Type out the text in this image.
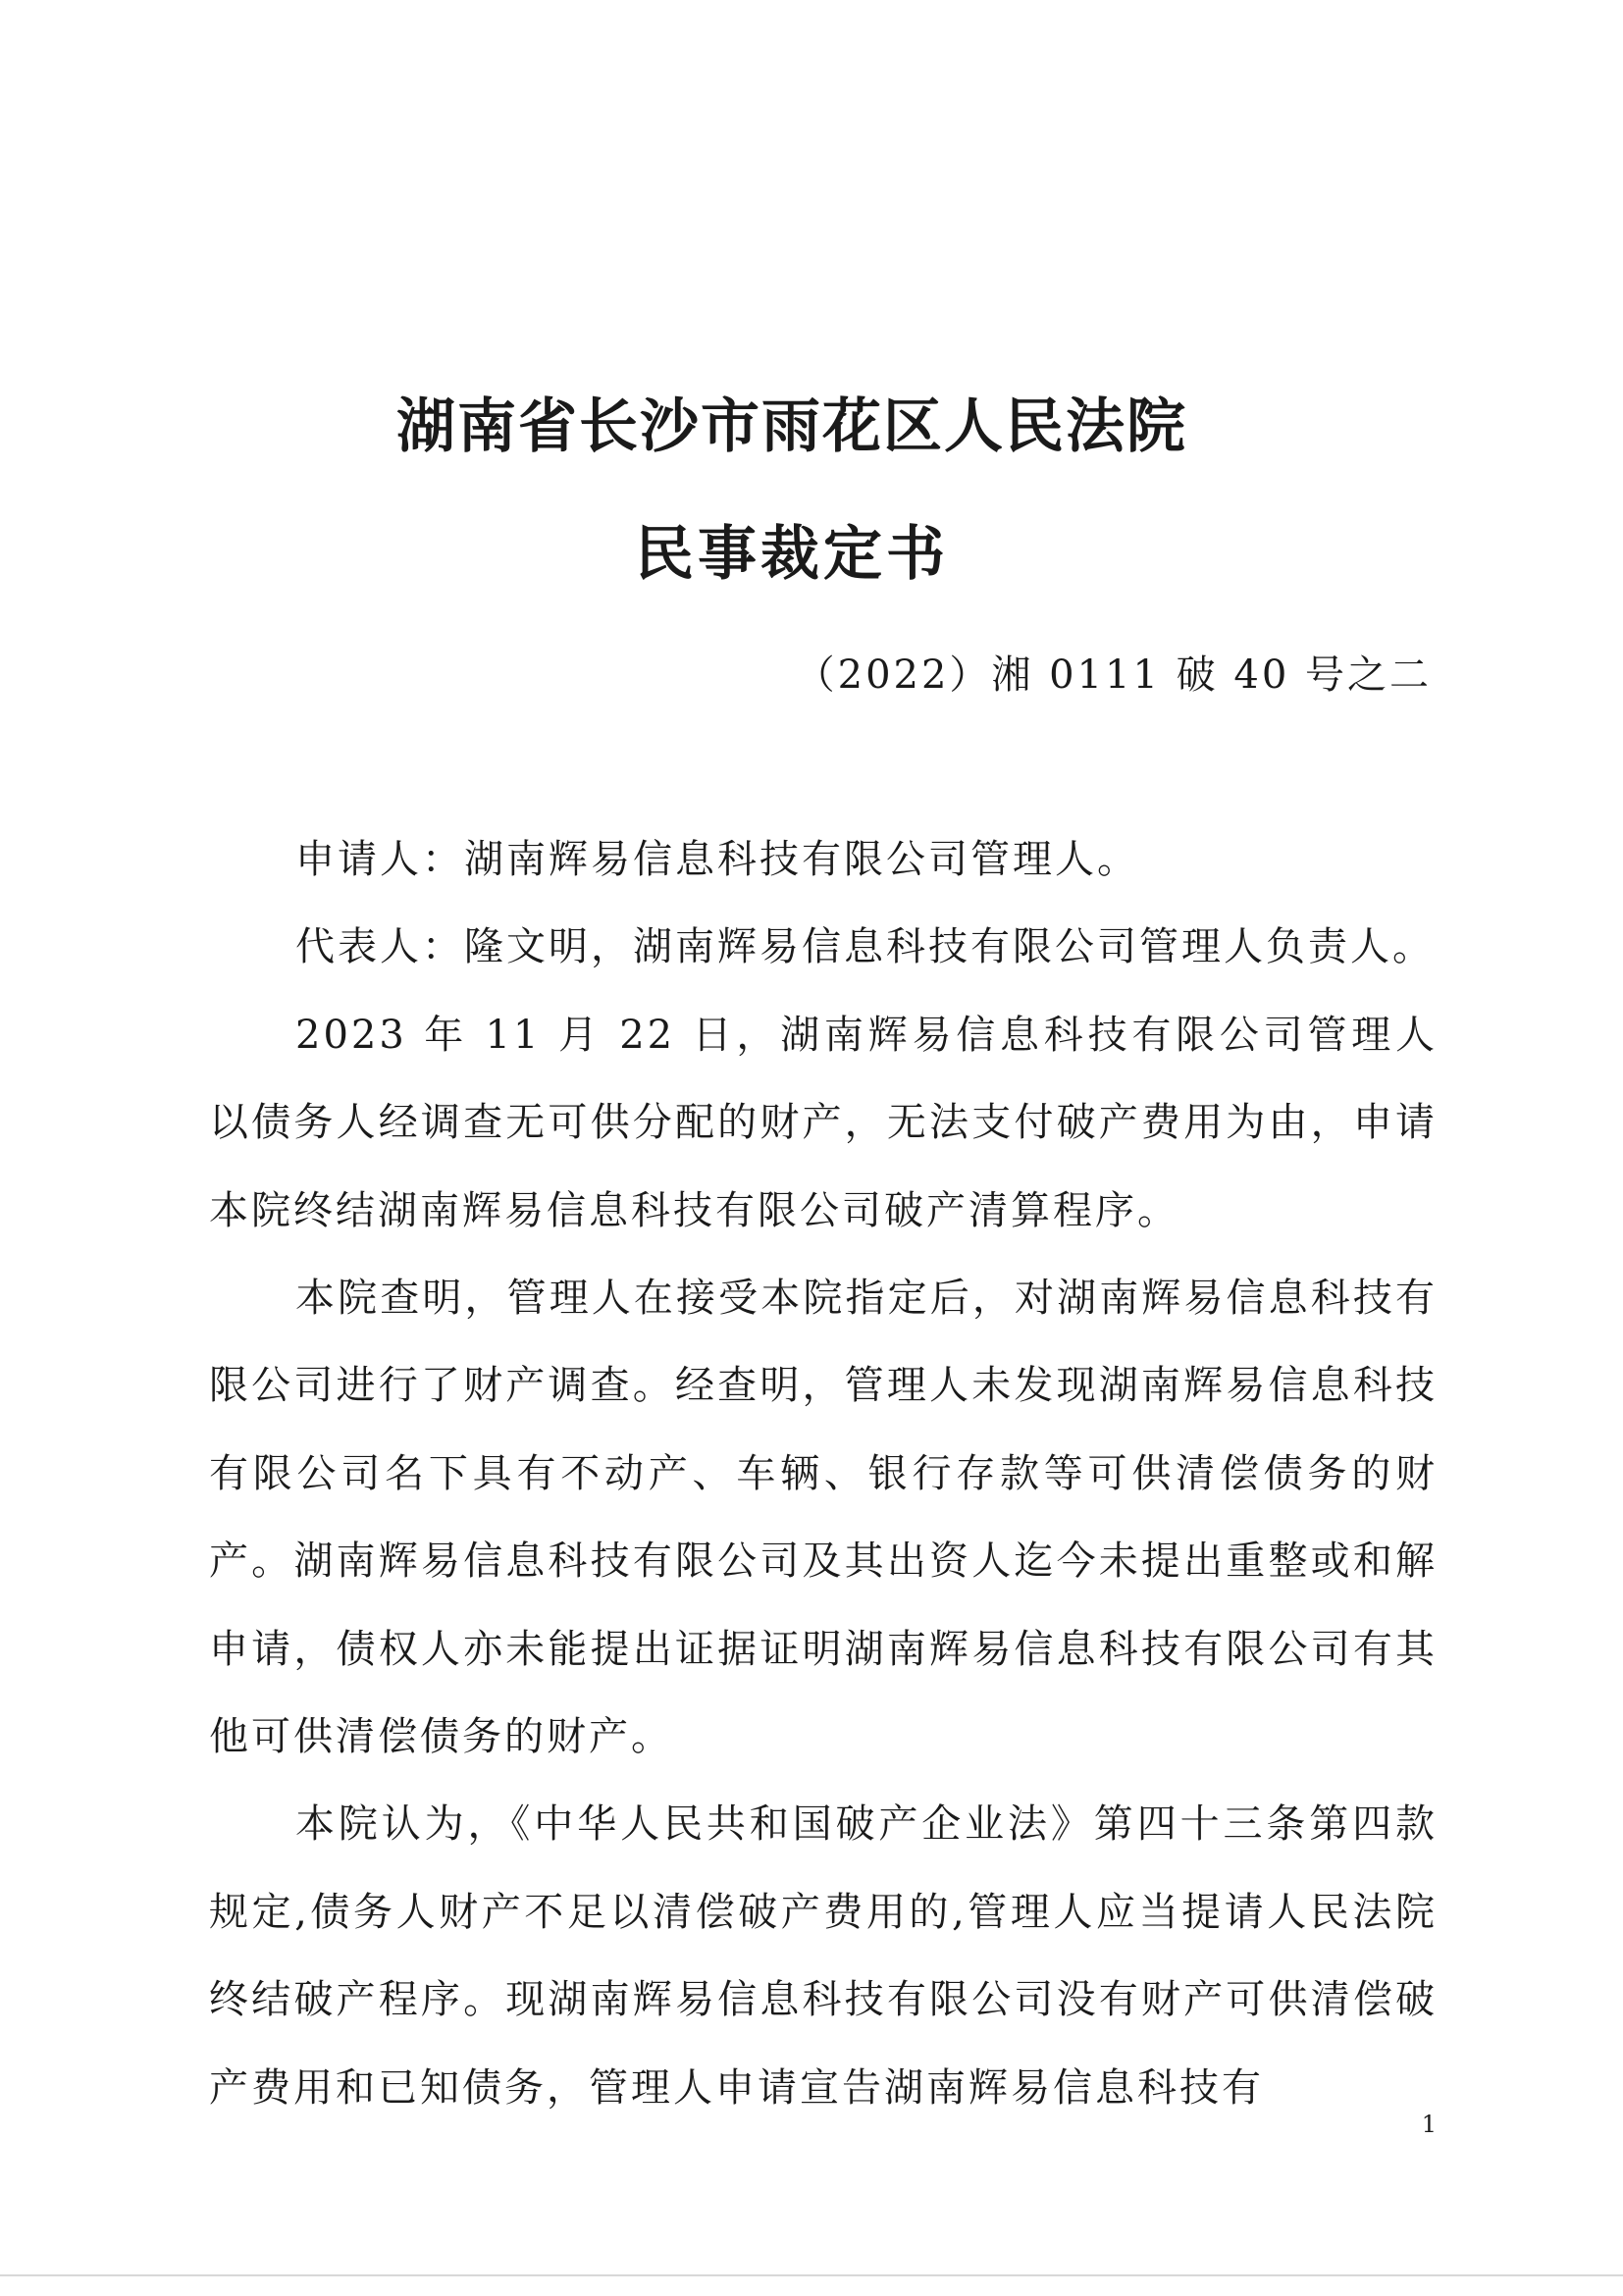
湖南省长沙市雨花区人民法院
民事裁定书
（2022）湘 0111 破 40 号之二

申请人：湖南辉易信息科技有限公司管理人。

代表人：隆文明，湖南辉易信息科技有限公司管理人负责人。

2023 年 11 月 22 日，湖南辉易信息科技有限公司管理人以债务人经调查无可供分配的财产，无法支付破产费用为由，申请本院终结湖南辉易信息科技有限公司破产清算程序。

本院查明，管理人在接受本院指定后，对湖南辉易信息科技有限公司进行了财产调查。经查明，管理人未发现湖南辉易信息科技有限公司名下具有不动产、车辆、银行存款等可供清偿债务的财产。湖南辉易信息科技有限公司及其出资人迄今未提出重整或和解申请，债权人亦未能提出证据证明湖南辉易信息科技有限公司有其他可供清偿债务的财产。

本院认为，《中华人民共和国破产企业法》第四十三条第四款规定,债务人财产不足以清偿破产费用的,管理人应当提请人民法院终结破产程序。现湖南辉易信息科技有限公司没有财产可供清偿破产费用和已知债务，管理人申请宣告湖南辉易信息科技有

1
